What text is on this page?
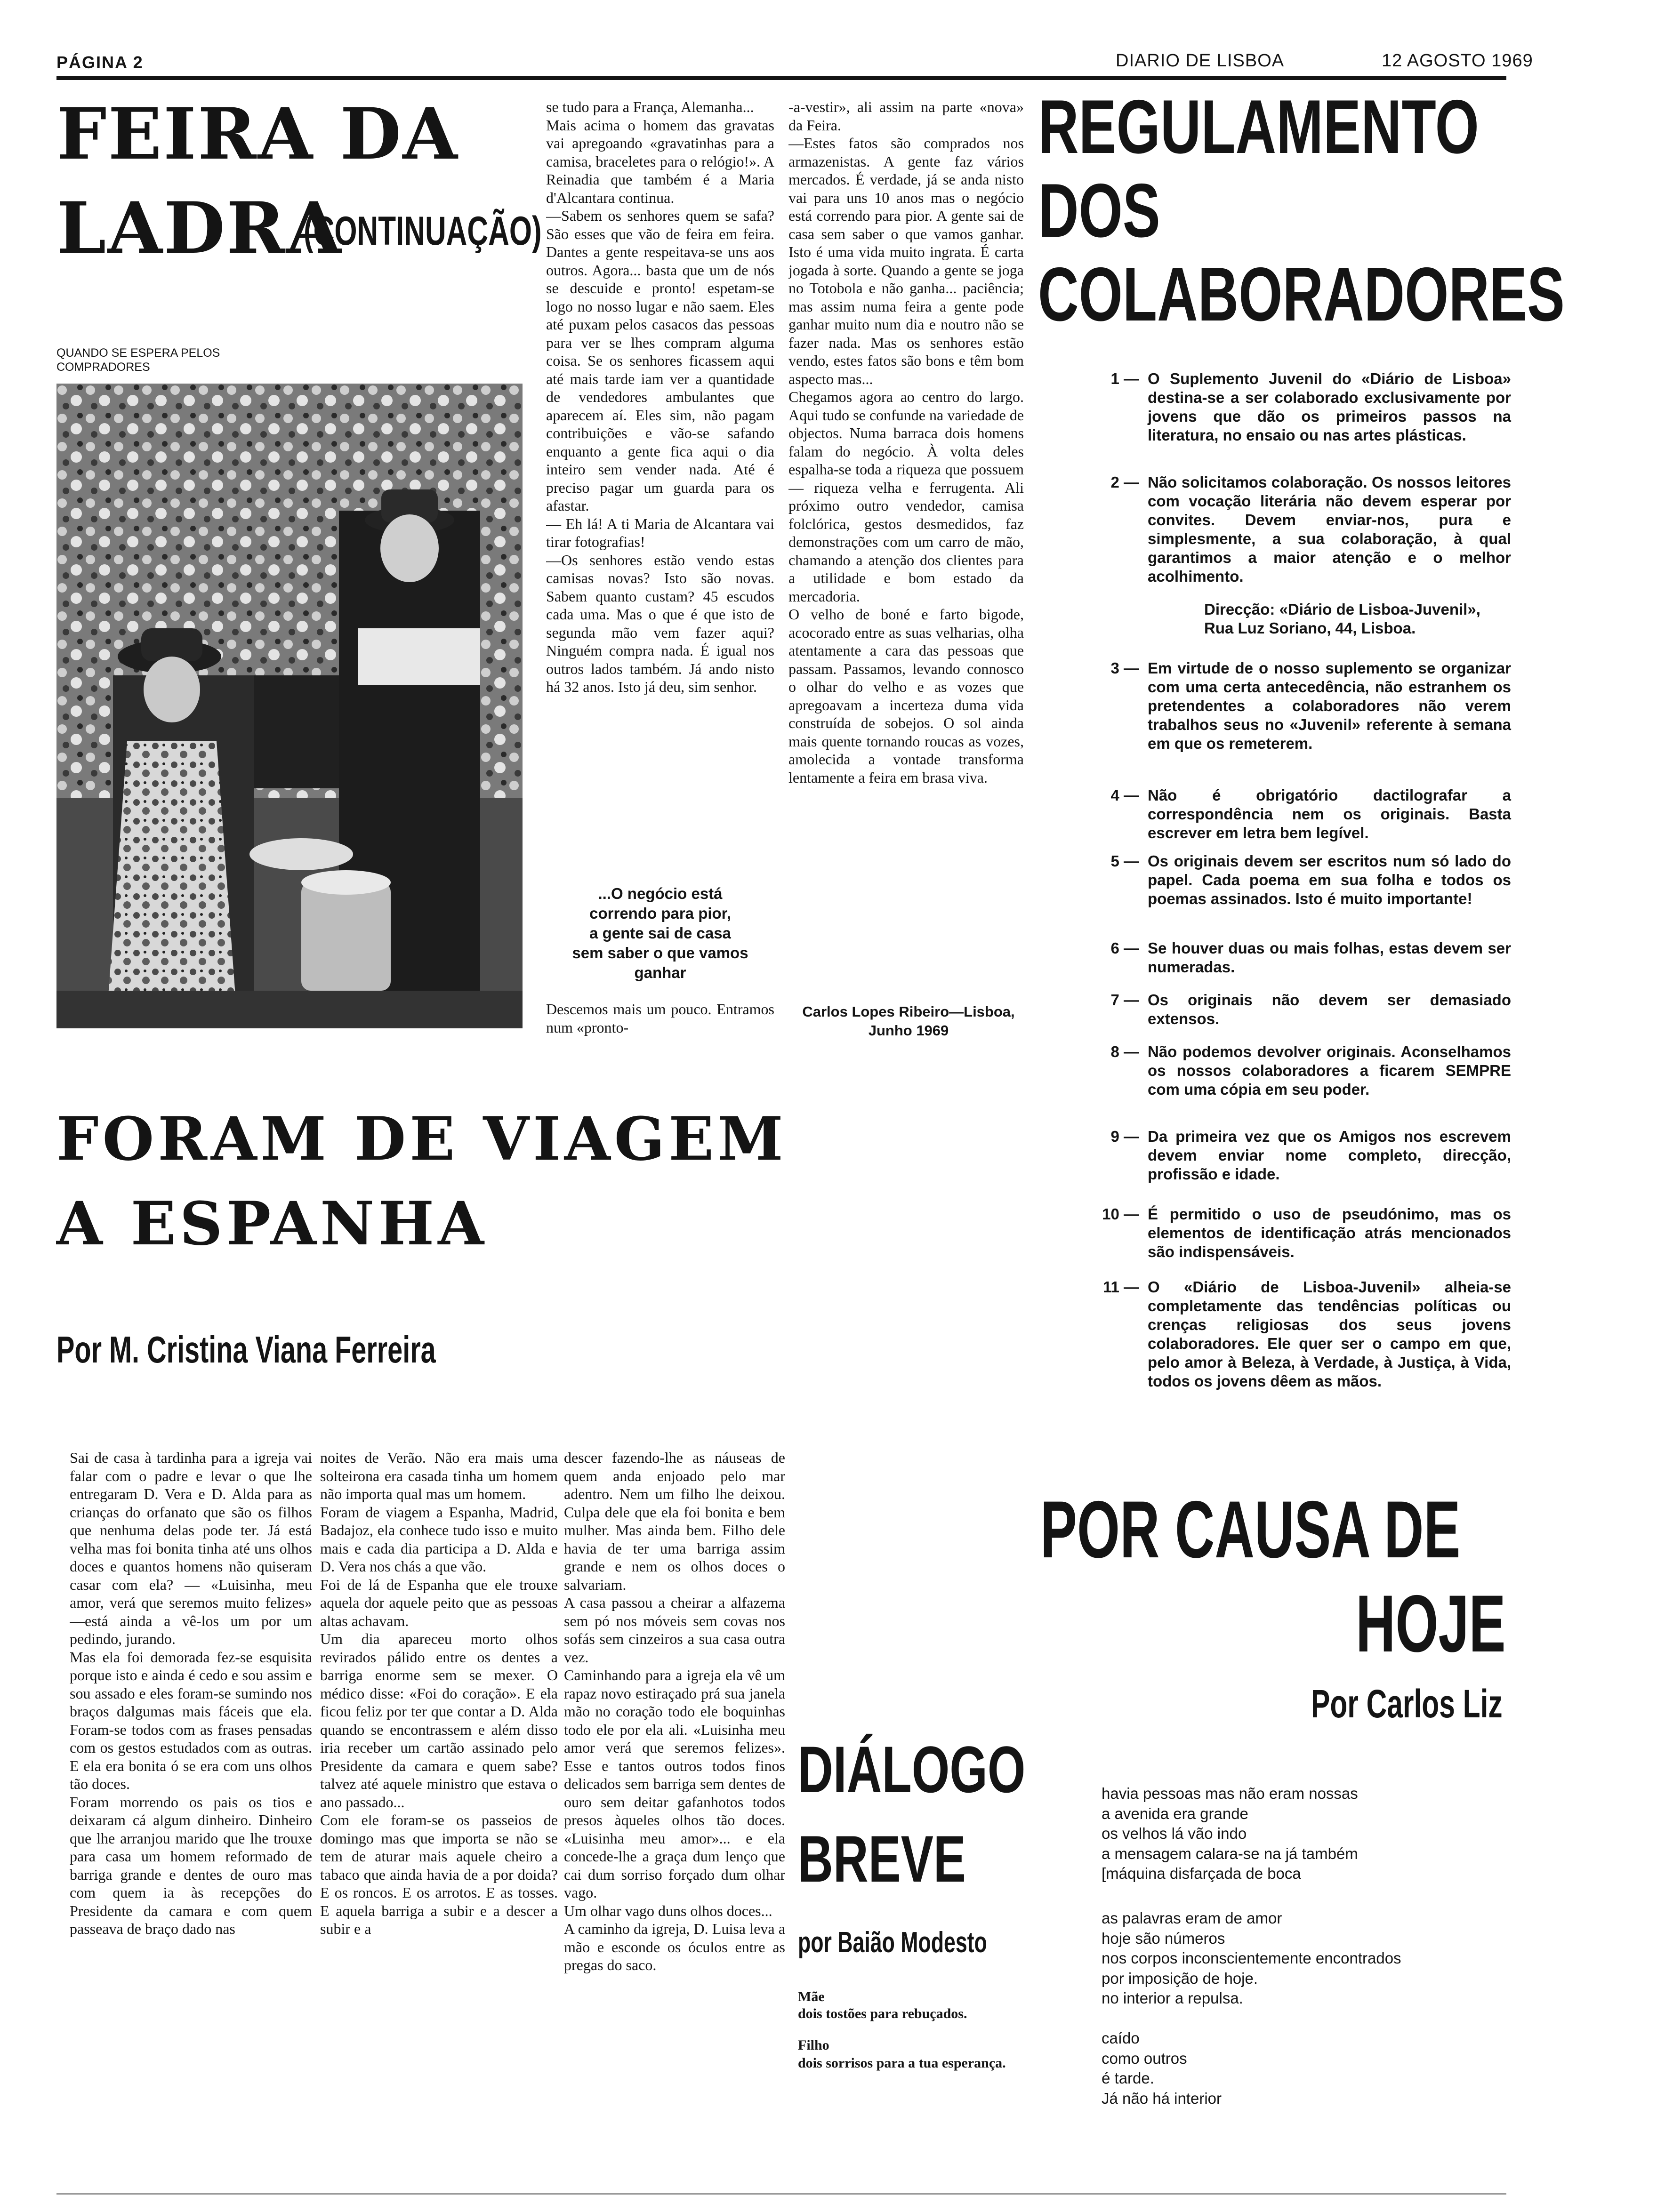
PÁGINA 2	DIARIO DE LISBOA	12 AGOSTO 1969
FEIRA DA
LADRA
(CONTINUAÇÃO)
QUANDO SE ESPERA PELOS
COMPRADORES
se tudo para a França, Alemanha...
Mais acima o homem das gravatas vai apregoando «gravatinhas para a camisa, braceletes para o relógio!». A Reinadia que também é a Maria d'Alcantara continua.
—Sabem os senhores quem se safa? São esses que vão de feira em feira. Dantes a gente respeitava-se uns aos outros. Agora... basta que um de nós se descuide e pronto! espetam-se logo no nosso lugar e não saem. Eles até puxam pelos casacos das pessoas para ver se lhes compram alguma coisa. Se os senhores ficassem aqui até mais tarde iam ver a quantidade de vendedores ambulantes que aparecem aí. Eles sim, não pagam contribuições e vão-se safando enquanto a gente fica aqui o dia inteiro sem vender nada. Até é preciso pagar um guarda para os afastar.
— Eh lá! A ti Maria de Alcantara vai tirar fotografias!
—Os senhores estão vendo estas camisas novas? Isto são novas. Sabem quanto custam? 45 escudos cada uma. Mas o que é que isto de segunda mão vem fazer aqui? Ninguém compra nada. É igual nos outros lados também. Já ando nisto há 32 anos. Isto já deu, sim senhor.
...O negócio está
correndo para pior,
a gente sai de casa
sem saber o que vamos
ganhar
Descemos mais um pouco. Entramos num «pronto-
-a-vestir», ali assim na parte «nova» da Feira.
—Estes fatos são comprados nos armazenistas. A gente faz vários mercados. É verdade, já se anda nisto vai para uns 10 anos mas o negócio está correndo para pior. A gente sai de casa sem saber o que vamos ganhar. Isto é uma vida muito ingrata. É carta jogada à sorte. Quando a gente se joga no Totobola e não ganha... paciência; mas assim numa feira a gente pode ganhar muito num dia e noutro não se fazer nada. Mas os senhores estão vendo, estes fatos são bons e têm bom aspecto mas...
Chegamos agora ao centro do largo. Aqui tudo se confunde na variedade de objectos. Numa barraca dois homens falam do negócio. À volta deles espalha-se toda a riqueza que possuem — riqueza velha e ferrugenta. Ali próximo outro vendedor, camisa folclórica, gestos desmedidos, faz demonstrações com um carro de mão, chamando a atenção dos clientes para a utilidade e bom estado da mercadoria.
O velho de boné e farto bigode, acocorado entre as suas velharias, olha atentamente a cara das pessoas que passam. Passamos, levando connosco o olhar do velho e as vozes que apregoavam a incerteza duma vida construída de sobejos. O sol ainda mais quente tornando roucas as vozes, amolecida a vontade transforma lentamente a feira em brasa viva.
Carlos Lopes Ribeiro—Lisboa, Junho 1969
REGULAMENTO
DOS
COLABORADORES
1 — O Suplemento Juvenil do «Diário de Lisboa» destina-se a ser colaborado exclusivamente por jovens que dão os primeiros passos na literatura, no ensaio ou nas artes plásticas.
2 — Não solicitamos colaboração. Os nossos leitores com vocação literária não devem esperar por convites. Devem enviar-nos, pura e simplesmente, a sua colaboração, à qual garantimos a maior atenção e o melhor acolhimento.
Direcção: «Diário de Lisboa-Juvenil», Rua Luz Soriano, 44, Lisboa.
3 — Em virtude de o nosso suplemento se organizar com uma certa antecedência, não estranhem os pretendentes a colaboradores não verem trabalhos seus no «Juvenil» referente à semana em que os remeterem.
4 — Não é obrigatório dactilografar a correspondência nem os originais. Basta escrever em letra bem legível.
5 — Os originais devem ser escritos num só lado do papel. Cada poema em sua folha e todos os poemas assinados. Isto é muito importante!
6 — Se houver duas ou mais folhas, estas devem ser numeradas.
7 — Os originais não devem ser demasiado extensos.
8 — Não podemos devolver originais. Aconselhamos os nossos colaboradores a ficarem SEMPRE com uma cópia em seu poder.
9 — Da primeira vez que os Amigos nos escrevem devem enviar nome completo, direcção, profissão e idade.
10 — É permitido o uso de pseudónimo, mas os elementos de identificação atrás mencionados são indispensáveis.
11 — O «Diário de Lisboa-Juvenil» alheia-se completamente das tendências políticas ou crenças religiosas dos seus jovens colaboradores. Ele quer ser o campo em que, pelo amor à Beleza, à Verdade, à Justiça, à Vida, todos os jovens dêem as mãos.
FORAM DE VIAGEM
A ESPANHA
Por M. Cristina Viana Ferreira
Sai de casa à tardinha para a igreja vai falar com o padre e levar o que lhe entregaram D. Vera e D. Alda para as crianças do orfanato que são os filhos que nenhuma delas pode ter. Já está velha mas foi bonita tinha até uns olhos doces e quantos homens não quiseram casar com ela? — «Luisinha, meu amor, verá que seremos muito felizes» —está ainda a vê-los um por um pedindo, jurando.
Mas ela foi demorada fez-se esquisita porque isto e ainda é cedo e sou assim e sou assado e eles foram-se sumindo nos braços dalgumas mais fáceis que ela. Foram-se todos com as frases pensadas com os gestos estudados com as outras. E ela era bonita ó se era com uns olhos tão doces.
Foram morrendo os pais os tios e deixaram cá algum dinheiro. Dinheiro que lhe arranjou marido que lhe trouxe para casa um homem reformado de barriga grande e dentes de ouro mas com quem ia às recepções do Presidente da camara e com quem passeava de braço dado nas
noites de Verão. Não era mais uma solteirona era casada tinha um homem não importa qual mas um homem.
Foram de viagem a Espanha, Madrid, Badajoz, ela conhece tudo isso e muito mais e cada dia participa a D. Alda e D. Vera nos chás a que vão.
Foi de lá de Espanha que ele trouxe aquela dor aquele peito que as pessoas altas achavam.
Um dia apareceu morto olhos revirados pálido entre os dentes a barriga enorme sem se mexer. O médico disse: «Foi do coração». E ela ficou feliz por ter que contar a D. Alda quando se encontrassem e além disso iria receber um cartão assinado pelo Presidente da camara e quem sabe? talvez até aquele ministro que estava o ano passado...
Com ele foram-se os passeios de domingo mas que importa se não se tem de aturar mais aquele cheiro a tabaco que ainda havia de a por doida? E os roncos. E os arrotos. E as tosses. E aquela barriga a subir e a descer a subir e a
descer fazendo-lhe as náuseas de quem anda enjoado pelo mar adentro. Nem um filho lhe deixou. Culpa dele que ela foi bonita e bem mulher. Mas ainda bem. Filho dele havia de ter uma barriga assim grande e nem os olhos doces o salvariam.
A casa passou a cheirar a alfazema sem pó nos móveis sem covas nos sofás sem cinzeiros a sua casa outra vez.
Caminhando para a igreja ela vê um rapaz novo estiraçado prá sua janela mão no coração todo ele boquinhas todo ele por ela ali. «Luisinha meu amor verá que seremos felizes». Esse e tantos outros todos finos delicados sem barriga sem dentes de ouro sem deitar gafanhotos todos presos àqueles olhos tão doces. «Luisinha meu amor»... e ela concede-lhe a graça dum lenço que cai dum sorriso forçado dum olhar vago.
Um olhar vago duns olhos doces...
A caminho da igreja, D. Luisa leva a mão e esconde os óculos entre as pregas do saco.
DIÁLOGO
BREVE
por Baião Modesto
Mãe
dois tostões para rebuçados.
Filho
dois sorrisos para a tua esperança.
POR CAUSA DE
HOJE
Por Carlos Liz

havia pessoas mas não eram nossas
a avenida era grande
os velhos lá vão indo
a mensagem calara-se na já também
[máquina disfarçada de boca

as palavras eram de amor
hoje são números
nos corpos inconscientemente encontrados
por imposição de hoje.
no interior a repulsa.

caído
como outros
é tarde.
Já não há interior
